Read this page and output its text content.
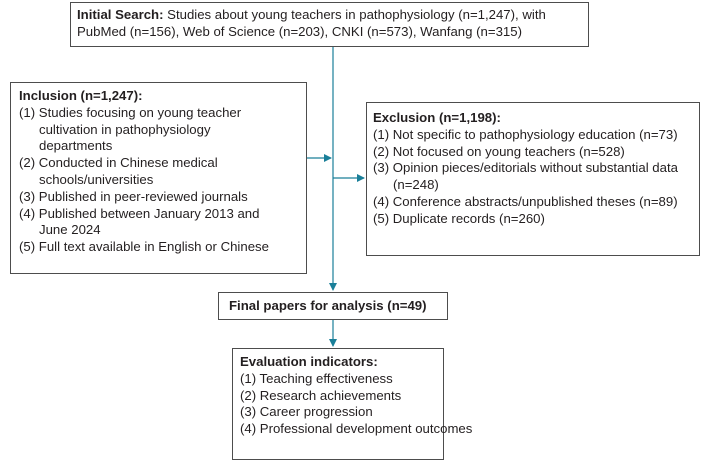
Initial Search: Studies about young teachers in pathophysiology (n=1,247), with
PubMed (n=156), Web of Science (n=203), CNKI (n=573), Wanfang (n=315)
Inclusion (n=1,247):
(1) Studies focusing on young teacher
cultivation in pathophysiology
departments
(2) Conducted in Chinese medical
schools/universities
(3) Published in peer-reviewed journals
(4) Published between January 2013 and
June 2024
(5) Full text available in English or Chinese
Exclusion (n=1,198):
(1) Not specific to pathophysiology education (n=73)
(2) Not focused on young teachers (n=528)
(3) Opinion pieces/editorials without substantial data
(n=248)
(4) Conference abstracts/unpublished theses (n=89)
(5) Duplicate records (n=260)
Final papers for analysis (n=49)
Evaluation indicators:
(1) Teaching effectiveness
(2) Research achievements
(3) Career progression
(4) Professional development outcomes
